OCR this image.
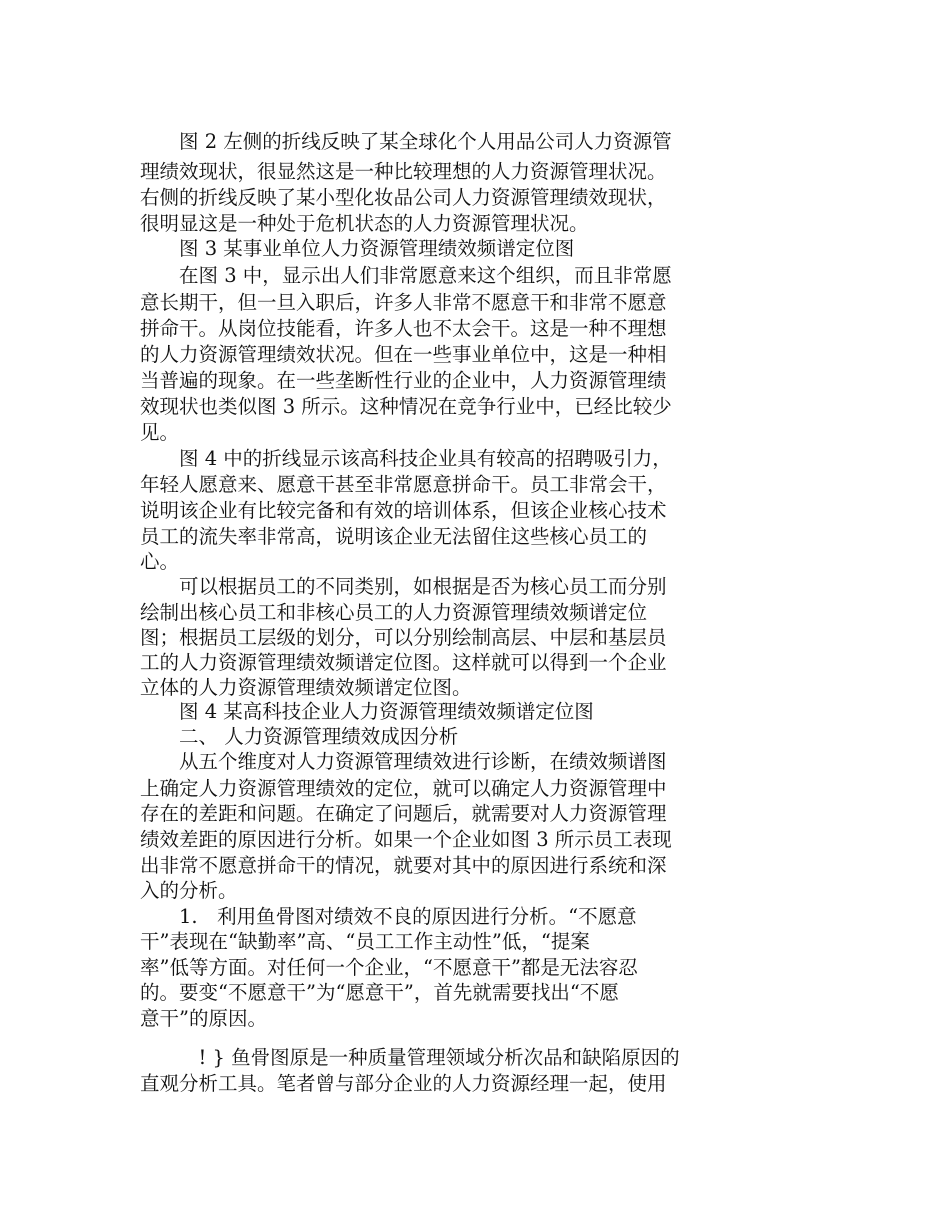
　　图 2 左侧的折线反映了某全球化个人用品公司人力资源管
理绩效现状，很显然这是一种比较理想的人力资源管理状况。
右侧的折线反映了某小型化妆品公司人力资源管理绩效现状，
很明显这是一种处于危机状态的人力资源管理状况。
　　图 3 某事业单位人力资源管理绩效频谱定位图
　　在图 3 中，显示出人们非常愿意来这个组织，而且非常愿
意长期干，但一旦入职后，许多人非常不愿意干和非常不愿意
拼命干。从岗位技能看，许多人也不太会干。这是一种不理想
的人力资源管理绩效状况。但在一些事业单位中，这是一种相
当普遍的现象。在一些垄断性行业的企业中，人力资源管理绩
效现状也类似图 3 所示。这种情况在竞争行业中，已经比较少
见。
　　图 4 中的折线显示该高科技企业具有较高的招聘吸引力，
年轻人愿意来、愿意干甚至非常愿意拼命干。员工非常会干，
说明该企业有比较完备和有效的培训体系，但该企业核心技术
员工的流失率非常高，说明该企业无法留住这些核心员工的
心。
　　可以根据员工的不同类别，如根据是否为核心员工而分别
绘制出核心员工和非核心员工的人力资源管理绩效频谱定位
图；根据员工层级的划分，可以分别绘制高层、中层和基层员
工的人力资源管理绩效频谱定位图。这样就可以得到一个企业
立体的人力资源管理绩效频谱定位图。
　　图 4 某高科技企业人力资源管理绩效频谱定位图
　　二、 人力资源管理绩效成因分析
　　从五个维度对人力资源管理绩效进行诊断，在绩效频谱图
上确定人力资源管理绩效的定位，就可以确定人力资源管理中
存在的差距和问题。在确定了问题后，就需要对人力资源管理
绩效差距的原因进行分析。如果一个企业如图 3 所示员工表现
出非常不愿意拼命干的情况，就要对其中的原因进行系统和深
入的分析。
　　1.　利用鱼骨图对绩效不良的原因进行分析。“不愿意
干”表现在“缺勤率”高、“员工工作主动性”低，“提案
率”低等方面。对任何一个企业，“不愿意干”都是无法容忍
的。要变“不愿意干”为“愿意干”，首先就需要找出“不愿
意干”的原因。
　　　! } 鱼骨图原是一种质量管理领域分析次品和缺陷原因的
直观分析工具。笔者曾与部分企业的人力资源经理一起，使用
